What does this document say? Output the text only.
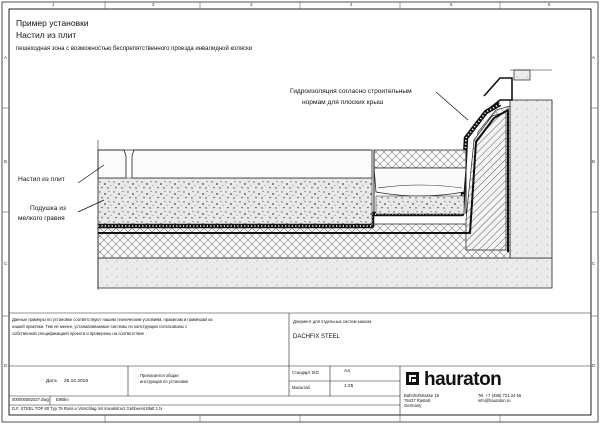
1	2	3	4	5	6
A
B
C
D
A
B
C
D
Пример установки
Настил из плит
пешеходная зона с возможностью беспрепятственного проезда инвалидной коляски
Гидроизоляция согласно строительным
нормам для плоских крыш
Настил из плит
Подушка из
мелкого гравия
Данные примеры по установке соответствуют нашим техническим условиям, правилам и примерам из
нашей практики. Тем не менее, устанавливаемые системы по конструкции согласованы с
собственной спецификацией проекта и проверены на соответствие
Документ для отдельных систем канала
DACHFIX STEEL
Дата 25.10.2019
Прилагается общая
инструкция по установке
Стандарт ISO	A4
Масштаб	1:25
000000082027.dwg E98lim
D.F. STEEL TOP 80 Typ 75 Russ.e Vorschlag mit Kanalstruct Gehbereit Blatt 1.tx
hauraton
Bahnhofstrasse 19
76437 Rastatt
Germany
Tel. +7 (495) 721 24 55
info@hauraton.ru
